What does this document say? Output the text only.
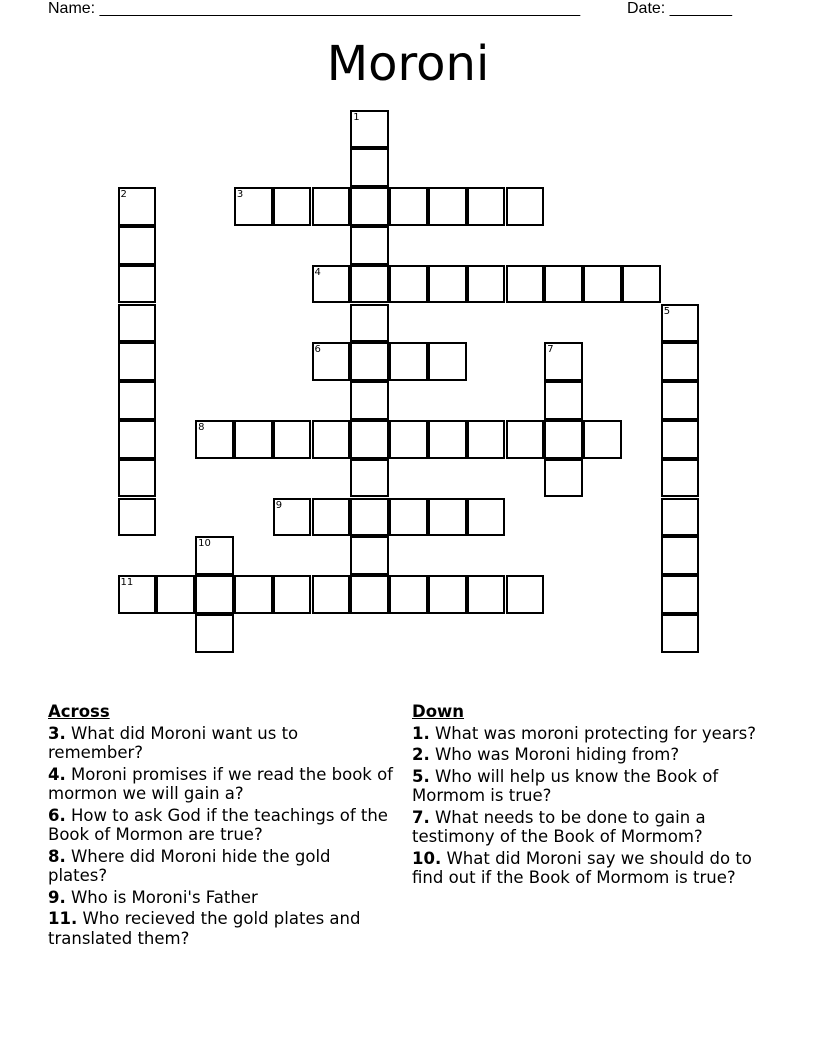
Name: ______________________________________________________	Date: _______
Moroni
1
2	3
4
5
6	7
8
9
10
11
Across
3. What did Moroni want us to remember?
4. Moroni promises if we read the book of mormon we will gain a?
6. How to ask God if the teachings of the Book of Mormon are true?
8. Where did Moroni hide the gold plates?
9. Who is Moroni's Father
11. Who recieved the gold plates and translated them?
Down
1. What was moroni protecting for years?
2. Who was Moroni hiding from?
5. Who will help us know the Book of Mormom is true?
7. What needs to be done to gain a testimony of the Book of Mormom?
10. What did Moroni say we should do to find out if the Book of Mormom is true?
